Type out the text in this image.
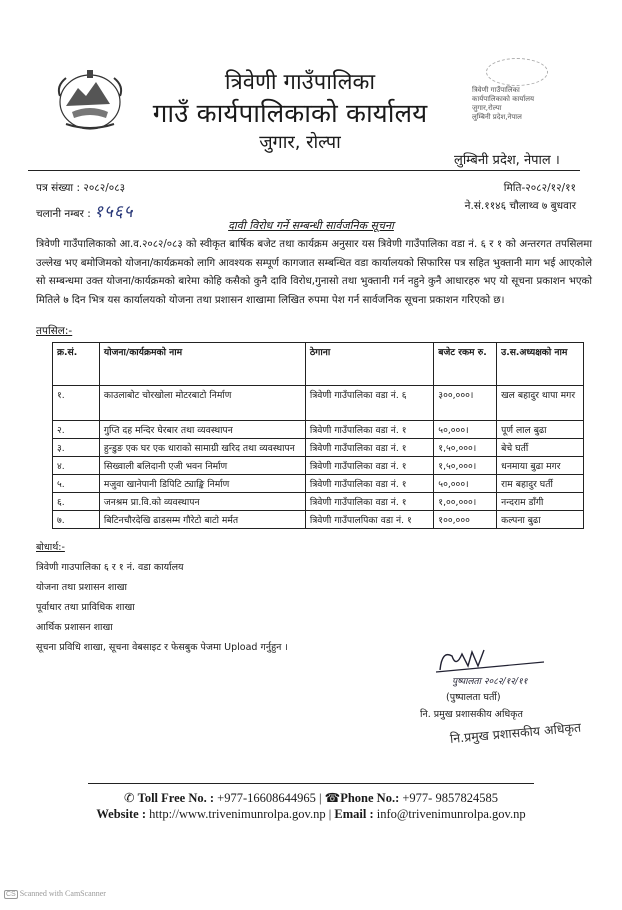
त्रिवेणी गाउँपालिका
गाउँ कार्यपालिकाको कार्यालय
जुगार, रोल्पा
त्रिवेणी गाउँपालिका
कार्यपालिकाको कार्यालय
जुगार,रोल्पा
लुम्बिनी प्रदेश,नेपाल
लुम्बिनी प्रदेश, नेपाल ।
पत्र संख्या : २०८२/०८३
चलानी नम्बर : १५६५
मिति-२०८२/१२/११
ने.सं.११४६ चौलाथ्व ७ बुधवार
दावी विरोध गर्ने सम्बन्धी सार्वजनिक सूचना
त्रिवेणी गाउँपालिकाको आ.व.२०८२/०८३ को स्वीकृत बार्षिक बजेट तथा कार्यक्रम अनुसार यस त्रिवेणी गाउँपालिका वडा नं. ६ र १ को अन्तरगत तपसिलमा उल्लेख भए बमोजिमको योजना/कार्यक्रमको लागि आवश्यक सम्पूर्ण कागजात सम्बन्धित वडा कार्यालयको सिफारिस पत्र सहित भुक्तानी माग भई आएकोले सो सम्बन्धमा उक्त योजना/कार्यक्रमको बारेमा कोहि कसैको कुनै दावि विरोध,गुनासो तथा भुक्तानी गर्न नहुने कुनै आधारहरु भए यो सूचना प्रकाशन भएको मितिले ७ दिन भित्र यस कार्यालयको योजना तथा प्रशासन शाखामा लिखित रुपमा पेश गर्न सार्वजनिक सूचना प्रकाशन गरिएको छ।
तपसिल:-
क्र.सं.	योजना/कार्यक्रमको नाम	ठेगाना	बजेट रकम रु.	उ.स.अध्यक्षको नाम
१.	काउलाबोट चोरखोला मोटरबाटो निर्माण	त्रिवेणी गाउँपालिका वडा नं. ६	३००,०००।	खल बहादुर थापा मगर
२.	गुप्ति दह मन्दिर घेरबार तथा व्यवस्थापन	त्रिवेणी गाउँपालिका वडा नं. १	५०,०००।	पूर्ण लाल बुढा
३.	हुन्डुङ एक घर एक धाराको सामाग्री खरिद तथा व्यवस्थापन	त्रिवेणी गाउँपालिका वडा नं. १	१,५०,०००।	बेचे घर्ती
४.	सिख्वाली बलिदानी एजी भवन निर्माण	त्रिवेणी गाउँपालिका वडा नं. १	१,५०,०००।	धनमाया बुढा मगर
५.	मजुवा खानेपानी डिपिटि ट्याङ्कि निर्माण	त्रिवेणी गाउँपालिका वडा नं. १	५०,०००।	राम बहादुर घर्ती
६.	जनश्रम प्रा.वि.को व्यवस्थापन	त्रिवेणी गाउँपालिका वडा नं. १	१,००,०००।	नन्दराम डाँगी
७.	बिटिनचौरदेखि ढाडसम्म गौरेटो बाटो मर्मत	त्रिवेणी गाउँपालपिका वडा नं. १	१००,०००	कल्पना बुढा
बोधार्थ:-
त्रिवेणी गाउपालिका ६ र १ नं. वडा कार्यालय
योजना तथा प्रशासन शाखा
पूर्वाधार तथा प्राविधिक शाखा
आर्थिक प्रशासन शाखा
सूचना प्रविधि शाखा, सूचना वेबसाइट र फेसबुक पेजमा Upload गर्नुहुन ।
पुष्पालता २०८२/१२/११
(पुष्पालता घर्ती)
नि. प्रमुख प्रशासकीय अधिकृत
नि.प्रमुख प्रशासकीय अधिकृत
✆ Toll Free No. : +977-16608644965 | ☎Phone No.: +977- 9857824585
Website : http://www.trivenimunrolpa.gov.np | Email : info@trivenimunrolpa.gov.np
CS Scanned with CamScanner
